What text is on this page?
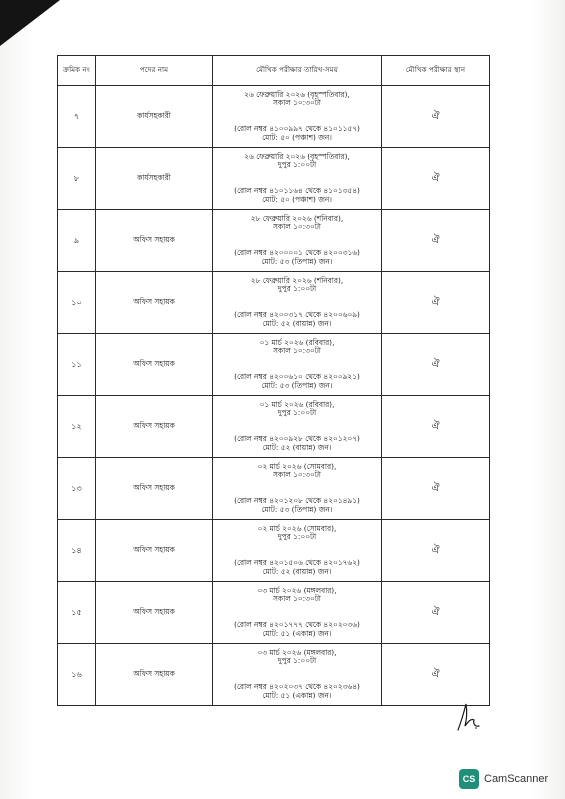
ক্রমিক নং	পদের নাম	মৌখিক পরীক্ষার তারিখ-সময়	মৌখিক পরীক্ষার স্থান
৭	কার্যসহকারী	২৬ ফেব্রুয়ারি ২০২৬ (বৃহস্পতিবার),
সকাল ১০:৩০টা
(রোল নম্বর ৪১০০৯৯৭ থেকে ৪১০১১৫৭)
মোট: ৫০ (পঞ্চাশ) জন।	ঐ
৮	কার্যসহকারী	২৬ ফেব্রুয়ারি ২০২৬ (বৃহস্পতিবার),
দুপুর ১:০০টা
(রোল নম্বর ৪১০১১৬৪ থেকে ৪১০১৩৫৪)
মোট: ৫০ (পঞ্চাশ) জন।	ঐ
৯	অফিস সহায়ক	২৮ ফেব্রুয়ারি ২০২৬ (শনিবার),
সকাল ১০:৩০টা
(রোল নম্বর ৪২০০০০১ থেকে ৪২০০৩১৬)
মোট: ৫৩ (তিপান্ন) জন।	ঐ
১০	অফিস সহায়ক	২৮ ফেব্রুয়ারি ২০২৬ (শনিবার),
দুপুর ১:০০টা
(রোল নম্বর ৪২০০৩১৭ থেকে ৪২০০৬০৯)
মোট: ৫২ (বায়ান্ন) জন।	ঐ
১১	অফিস সহায়ক	০১ মার্চ ২০২৬ (রবিবার),
সকাল ১০:৩০টা
(রোল নম্বর ৪২০০৬১০ থেকে ৪২০০৯২১)
মোট: ৫৩ (তিপান্ন) জন।	ঐ
১২	অফিস সহায়ক	০১ মার্চ ২০২৬ (রবিবার),
দুপুর ১:০০টা
(রোল নম্বর ৪২০০৯২৮ থেকে ৪২০১২০৭)
মোট: ৫২ (বায়ান্ন) জন।	ঐ
১৩	অফিস সহায়ক	০২ মার্চ ২০২৬ (সোমবার),
সকাল ১০:৩০টা
(রোল নম্বর ৪২০১২০৮ থেকে ৪২০১৪৯১)
মোট: ৫৩ (তিপান্ন) জন।	ঐ
১৪	অফিস সহায়ক	০২ মার্চ ২০২৬ (সোমবার),
দুপুর ১:০০টা
(রোল নম্বর ৪২০১৫০৬ থেকে ৪২০১৭৬২)
মোট: ৫২ (বায়ান্ন) জন।	ঐ
১৫	অফিস সহায়ক	০৩ মার্চ ২০২৬ (মঙ্গলবার),
সকাল ১০:৩০টা
(রোল নম্বর ৪২০১৭৭৭ থেকে ৪২০২০৩৬)
মোট: ৫১ (একান্ন) জন।	ঐ
১৬	অফিস সহায়ক	০৩ মার্চ ২০২৬ (মঙ্গলবার),
দুপুর ১:০০টা
(রোল নম্বর ৪২০২০৩৭ থেকে ৪২০২৩৬৪)
মোট: ৫১ (একান্ন) জন।	ঐ
CS CamScanner
